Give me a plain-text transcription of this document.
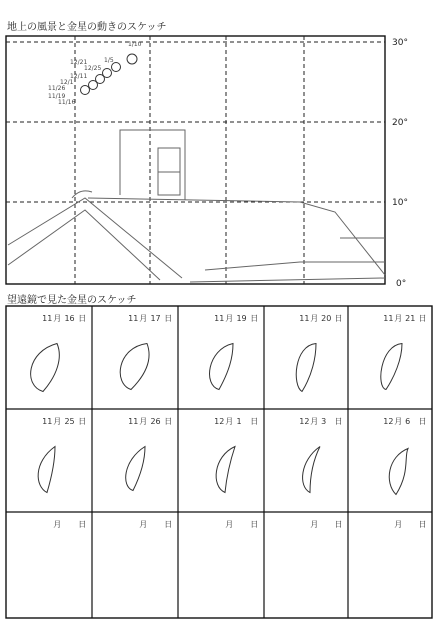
地上の風景と金星の動きのスケッチ
望遠鏡で見た金星のスケッチ
30°
20°
10°
0°
1/10
1/5
12/25
12/21
12/11
12/1
11/26
11/19
11/16
11 月 16 日	11 月 17 日	11 月 19 日	11 月 20 日	11 月 21 日
11 月 25 日	11 月 26 日	12 月 1 日	12 月 3 日	12 月 6 日
月 日	月 日	月 日	月 日	月 日
